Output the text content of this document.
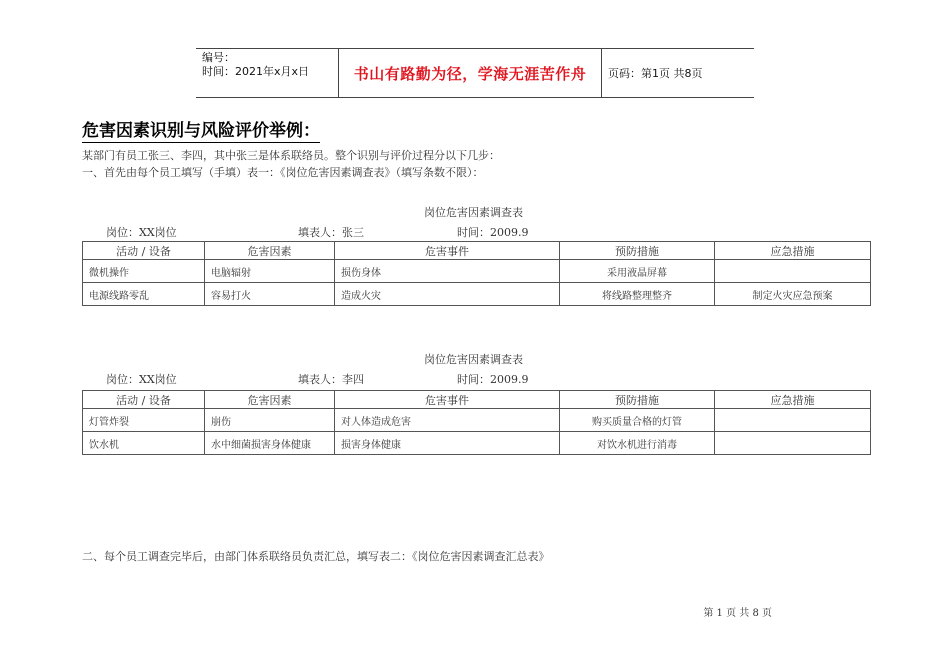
编号：
时间：2021年x月x日	书山有路勤为径，学海无涯苦作舟 页码：第1页 共8页
危害因素识别与风险评价举例：
某部门有员工张三、李四，其中张三是体系联络员。整个识别与评价过程分以下几步：
一、首先由每个员工填写（手填）表一：《岗位危害因素调查表》（填写条数不限）：
岗位危害因素调查表
岗位：XX岗位	填表人：张三	时间：2009.9
活动 / 设备	危害因素	危害事件	预防措施	应急措施
微机操作	电脑辐射	损伤身体	采用液晶屏幕	
电源线路零乱	容易打火	造成火灾	将线路整理整齐	制定火灾应急预案
岗位危害因素调查表
岗位：XX岗位	填表人：李四	时间：2009.9
活动 / 设备	危害因素	危害事件	预防措施	应急措施
灯管炸裂	崩伤	对人体造成危害	购买质量合格的灯管	
饮水机	水中细菌损害身体健康	损害身体健康	对饮水机进行消毒	
二、每个员工调查完毕后，由部门体系联络员负责汇总，填写表二：《岗位危害因素调查汇总表》
第 1 页 共 8 页
